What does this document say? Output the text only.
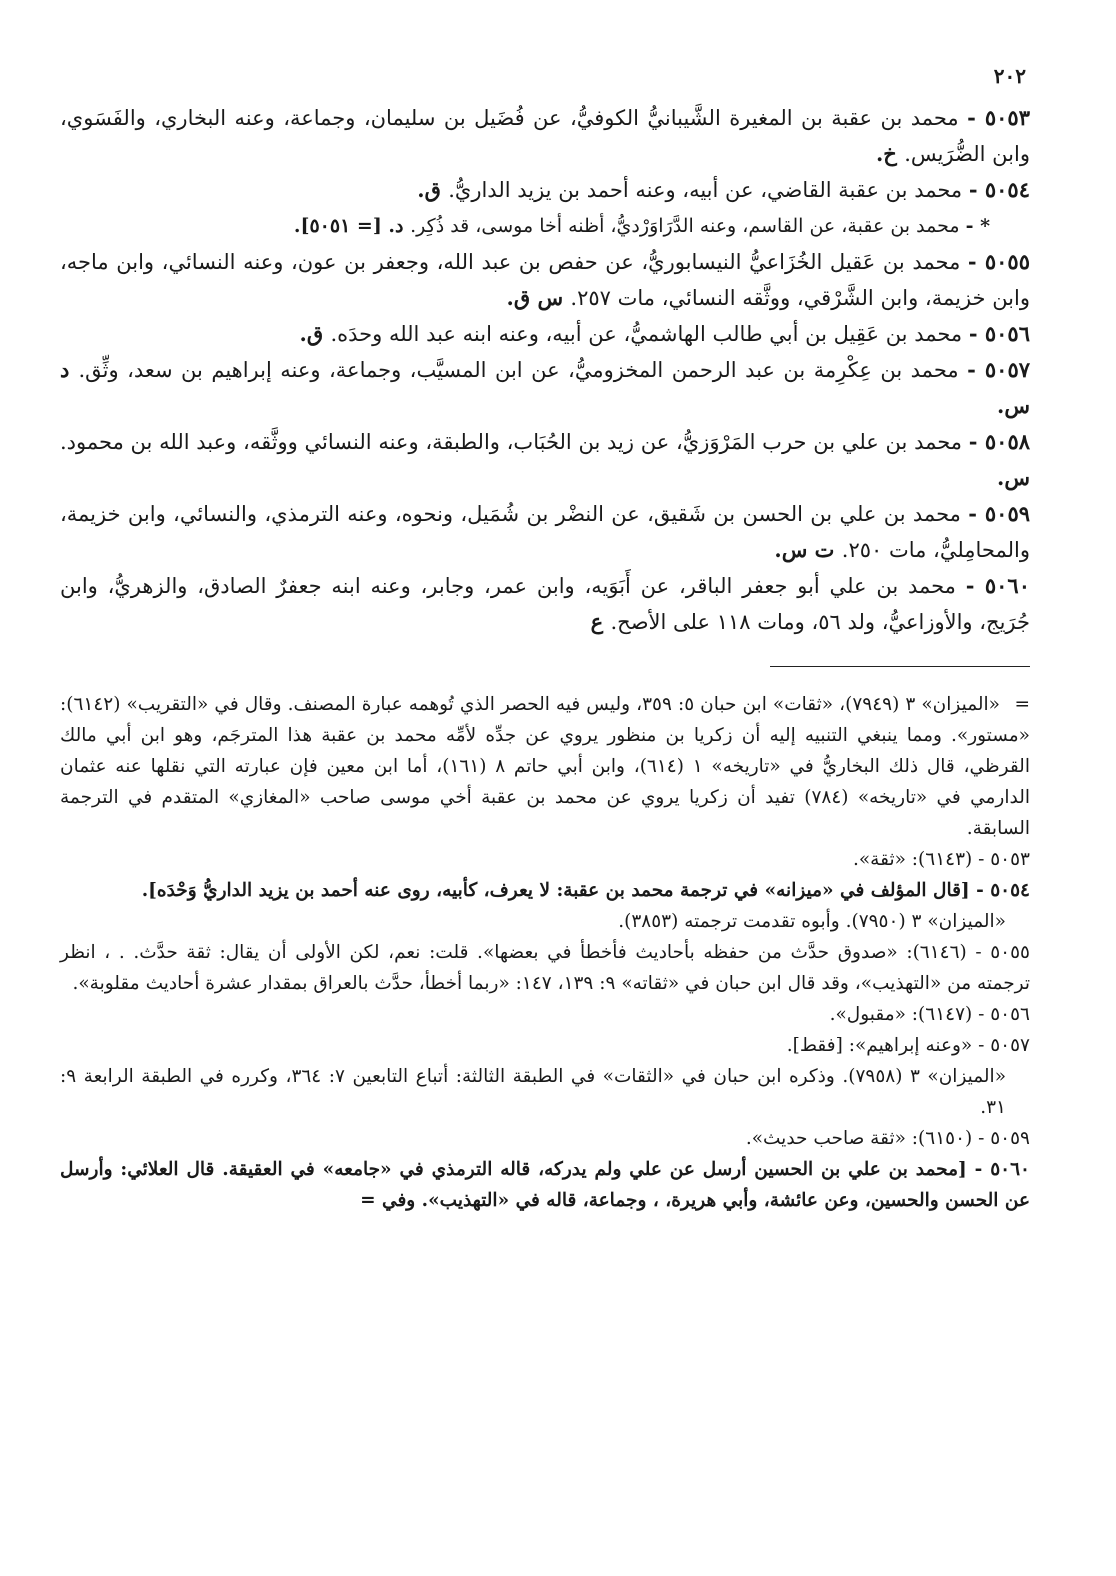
٢٠٢

٥٠٥٣ - محمد بن عقبة بن المغيرة الشَّيبانيُّ الكوفيُّ، عن فُضَيل بن سليمان، وجماعة، وعنه البخاري، والفَسَوي، وابن الضُّرَيس. خ.

٥٠٥٤ - محمد بن عقبة القاضي، عن أبيه، وعنه أحمد بن يزيد الداريُّ. ق.

* - محمد بن عقبة، عن القاسم، وعنه الدَّرَاوَرْديُّ، أظنه أخا موسى، قد ذُكِر. د. [= ٥٠٥١].

٥٠٥٥ - محمد بن عَقيل الخُزَاعيُّ النيسابوريُّ، عن حفص بن عبد الله، وجعفر بن عون، وعنه النسائي، وابن ماجه، وابن خزيمة، وابن الشَّرْقي، ووثَّقه النسائي، مات ٢٥٧. س ق.

٥٠٥٦ - محمد بن عَقِيل بن أبي طالب الهاشميُّ، عن أبيه، وعنه ابنه عبد الله وحدَه. ق.

٥٠٥٧ - محمد بن عِكْرِمة بن عبد الرحمن المخزوميُّ، عن ابن المسيَّب، وجماعة، وعنه إبراهيم بن سعد، وثِّق. د س.

٥٠٥٨ - محمد بن علي بن حرب المَرْوَزيُّ، عن زيد بن الحُبَاب، والطبقة، وعنه النسائي ووثَّقه، وعبد الله بن محمود. س.

٥٠٥٩ - محمد بن علي بن الحسن بن شَقيق، عن النضْر بن شُمَيل، ونحوه، وعنه الترمذي، والنسائي، وابن خزيمة، والمحامِليُّ، مات ٢٥٠. ت س.

٥٠٦٠ - محمد بن علي أبو جعفر الباقر، عن أَبَوَيه، وابن عمر، وجابر، وعنه ابنه جعفرٌ الصادق، والزهريُّ، وابن جُرَيج، والأوزاعيُّ، ولد ٥٦، ومات ١١٨ على الأصح. ع

=«الميزان» ٣ (٧٩٤٩)، «ثقات» ابن حبان ٥: ٣٥٩، وليس فيه الحصر الذي تُوهمه عبارة المصنف. وقال في «التقريب» (٦١٤٢): «مستور». ومما ينبغي التنبيه إليه أن زكريا بن منظور يروي عن جدِّه لأمِّه محمد بن عقبة هذا المترجَم، وهو ابن أبي مالك القرظي، قال ذلك البخاريُّ في «تاريخه» ١ (٦١٤)، وابن أبي حاتم ٨ (١٦١)، أما ابن معين فإن عبارته التي نقلها عنه عثمان الدارمي في «تاريخه» (٧٨٤) تفيد أن زكريا يروي عن محمد بن عقبة أخي موسى صاحب «المغازي» المتقدم في الترجمة السابقة.

٥٠٥٣ - (٦١٤٣): «ثقة».

٥٠٥٤ - [قال المؤلف في «ميزانه» في ترجمة محمد بن عقبة: لا يعرف، كأبيه، روى عنه أحمد بن يزيد الداريُّ وَحْدَه].

«الميزان» ٣ (٧٩٥٠). وأبوه تقدمت ترجمته (٣٨٥٣).

٥٠٥٥ - (٦١٤٦): «صدوق حدَّث من حفظه بأحاديث فأخطأ في بعضها». قلت: نعم، لكن الأولى أن يقال: ثقة حدَّث. . ، انظر ترجمته من «التهذيب»، وقد قال ابن حبان في «ثقاته» ٩: ١٣٩، ١٤٧: «ربما أخطأ، حدَّث بالعراق بمقدار عشرة أحاديث مقلوبة».

٥٠٥٦ - (٦١٤٧): «مقبول».

٥٠٥٧ - «وعنه إبراهيم»: [فقط].

«الميزان» ٣ (٧٩٥٨). وذكره ابن حبان في «الثقات» في الطبقة الثالثة: أتباع التابعين ٧: ٣٦٤، وكرره في الطبقة الرابعة ٩: ٣١.

٥٠٥٩ - (٦١٥٠): «ثقة صاحب حديث».

٥٠٦٠ - [محمد بن علي بن الحسين أرسل عن علي ولم يدركه، قاله الترمذي في «جامعه» في العقيقة. قال العلائي: وأرسل عن الحسن والحسين، وعن عائشة، وأبي هريرة، ، وجماعة، قاله في «التهذيب». وفي =
